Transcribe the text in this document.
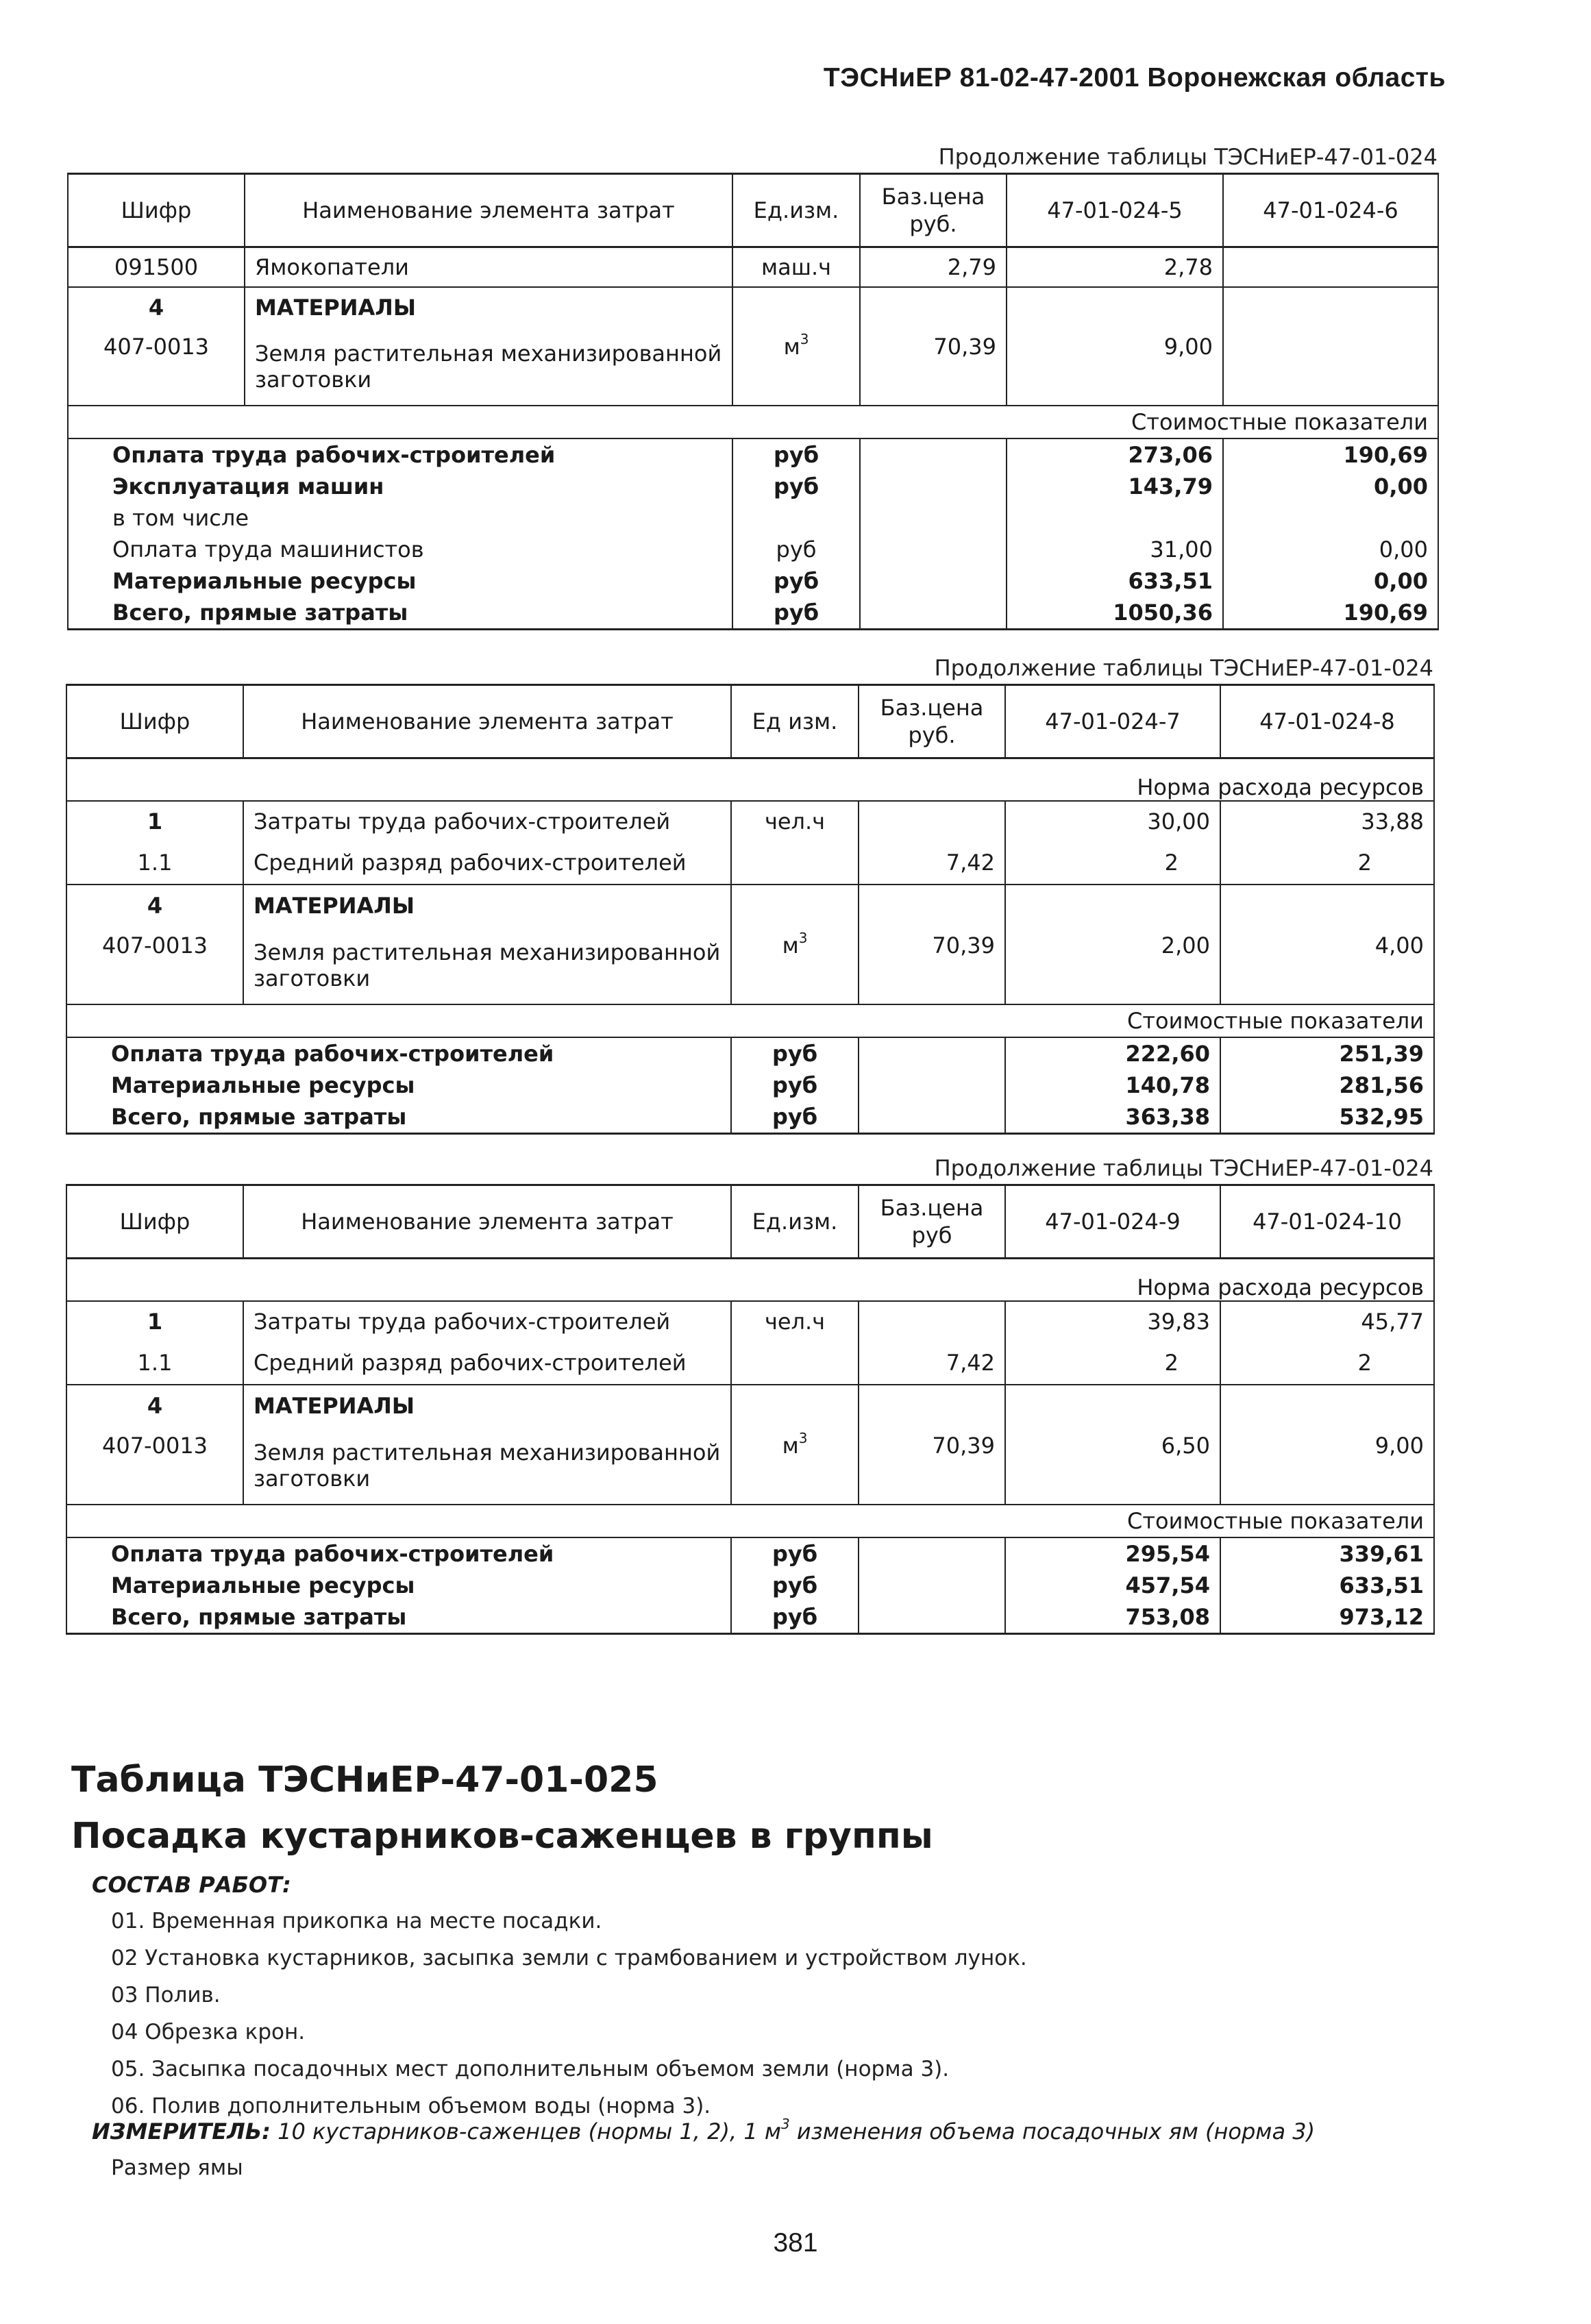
ТЭСНиЕР 81-02-47-2001 Воронежская область
Продолжение таблицы ТЭСНиЕР-47-01-024
Шифр	Наименование элемента затрат	Ед.изм.	Баз.цена руб.	47-01-024-5	47-01-024-6
091500	Ямокопатели	маш.ч	2,79	2,78	
4	МАТЕРИАЛЫ				
407-0013	Земля растительная механизированной заготовки	$м^3$	70,39	9,00	
Стоимостные показатели					
Оплата труда рабочих-строителей		руб		273,06	190,69
Эксплуатация машин		руб		143,79	0,00
в том числе					
Оплата труда машинистов		руб		31,00	0,00
Материальные ресурсы		руб		633,51	0,00
Всего, прямые затраты		руб		1050,36	190,69
Продолжение таблицы ТЭСНиЕР-47-01-024
Шифр	Наименование элемента затрат	Ед изм.	Баз.цена руб.	47-01-024-7	47-01-024-8
Норма расхода ресурсов					
1	Затраты труда рабочих-строителей	чел.ч		30,00	33,88
1.1	Средний разряд рабочих-строителей		7,42	2	2
4	МАТЕРИАЛЫ				
407-0013	Земля растительная механизированной заготовки	$м^3$	70,39	2,00	4,00
Стоимостные показатели					
Оплата труда рабочих-строителей		руб		222,60	251,39
Материальные ресурсы		руб		140,78	281,56
Всего, прямые затраты		руб		363,38	532,95
Продолжение таблицы ТЭСНиЕР-47-01-024
Шифр	Наименование элемента затрат	Ед.изм.	Баз.цена руб	47-01-024-9	47-01-024-10
Норма расхода ресурсов					
1	Затраты труда рабочих-строителей	чел.ч		39,83	45,77
1.1	Средний разряд рабочих-строителей		7,42	2	2
4	МАТЕРИАЛЫ				
407-0013	Земля растительная механизированной заготовки	$м^3$	70,39	6,50	9,00
Стоимостные показатели					
Оплата труда рабочих-строителей		руб		295,54	339,61
Материальные ресурсы		руб		457,54	633,51
Всего, прямые затраты		руб		753,08	973,12
Таблица ТЭСНиЕР-47-01-025
Посадка кустарников-саженцев в группы
СОСТАВ РАБОТ:
01. Временная прикопка на месте посадки.
02 Установка кустарников, засыпка земли с трамбованием и устройством лунок.
03 Полив.
04 Обрезка крон.
05. Засыпка посадочных мест дополнительным объемом земли (норма 3).
06. Полив дополнительным объемом воды (норма 3).
ИЗМЕРИТЕЛЬ: 10 кустарников-саженцев (нормы 1, 2), 1 $м^3$ изменения объема посадочных ям (норма 3)
Размер ямы
381
